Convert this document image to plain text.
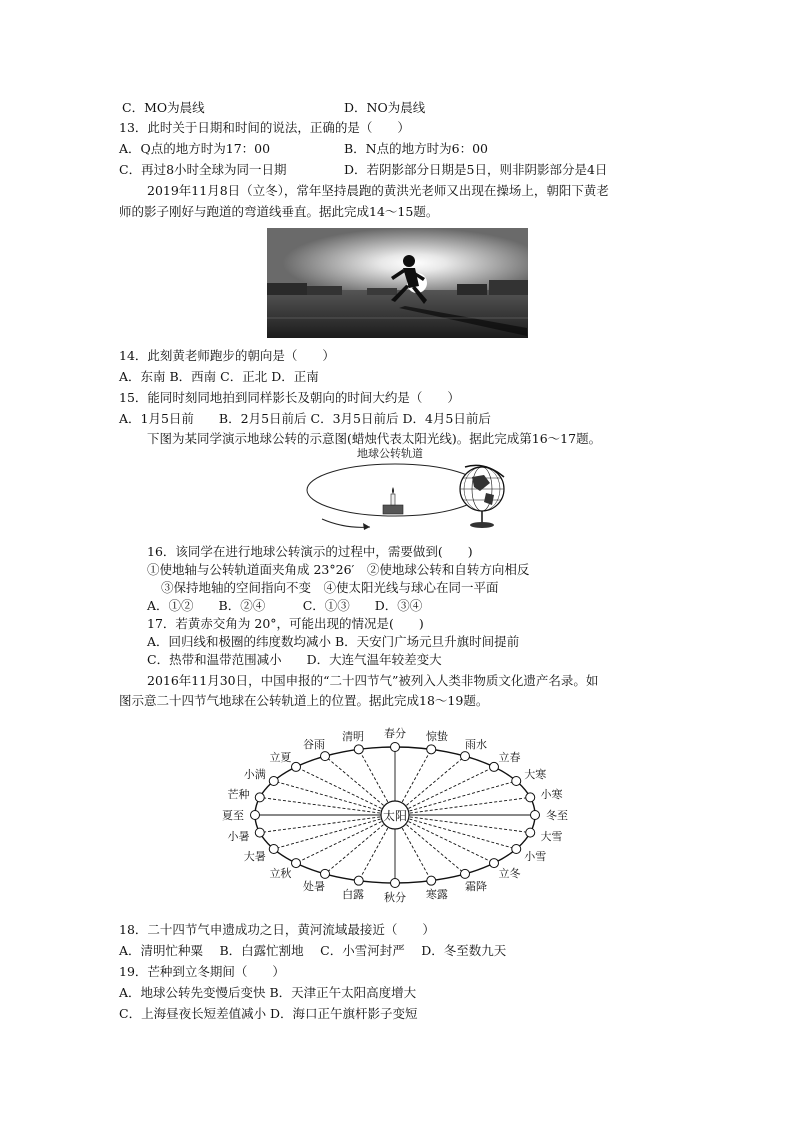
C．MO为晨线	D．NO为晨线
13．此时关于日期和时间的说法，正确的是（　　）
A．Q点的地方时为17：00	B．N点的地方时为6：00
C．再过8小时全球为同一日期	D．若阴影部分日期是5日，则非阴影部分是4日
2019年11月8日（立冬），常年坚持晨跑的黄洪光老师又出现在操场上，朝阳下黄老
师的影子刚好与跑道的弯道线垂直。据此完成14～15题。
14．此刻黄老师跑步的朝向是（　　）
A．东南 B．西南 C．正北 D．正南
15．能同时刻同地拍到同样影长及朝向的时间大约是（　　）
A．1月5日前　　B．2月5日前后 C．3月5日前后 D．4月5日前后
下图为某同学演示地球公转的示意图(蜡烛代表太阳光线)。据此完成第16～17题。
地球公转轨道
16．该同学在进行地球公转演示的过程中，需要做到(　　)
①使地轴与公转轨道面夹角成 23°26′　②使地球公转和自转方向相反
③保持地轴的空间指向不变　④使太阳光线与球心在同一平面
A．①②　　B．②④　　　C．①③　　D．③④
17．若黄赤交角为 20°，可能出现的情况是(　　)
A．回归线和极圈的纬度数均减小 B．天安门广场元旦升旗时间提前
C．热带和温带范围减小　　D．大连气温年较差变大
2016年11月30日，中国申报的“二十四节气”被列入人类非物质文化遗产名录。如
图示意二十四节气地球在公转轨道上的位置。据此完成18～19题。
夏至
芒种
小满
立夏
谷雨
清明 春分 惊蛰
雨水
立春
大寒
小寒
冬至
大雪
小雪
立冬
霜降
寒露
秋分
白露
处暑
立秋
大暑
小暑
太阳
18．二十四节气申遗成功之日，黄河流域最接近（　　）
A．清明忙种粟　 B．白露忙割地　 C．小雪河封严　 D．冬至数九天
19．芒种到立冬期间（　　）
A．地球公转先变慢后变快 B．天津正午太阳高度增大
C．上海昼夜长短差值减小 D．海口正午旗杆影子变短
